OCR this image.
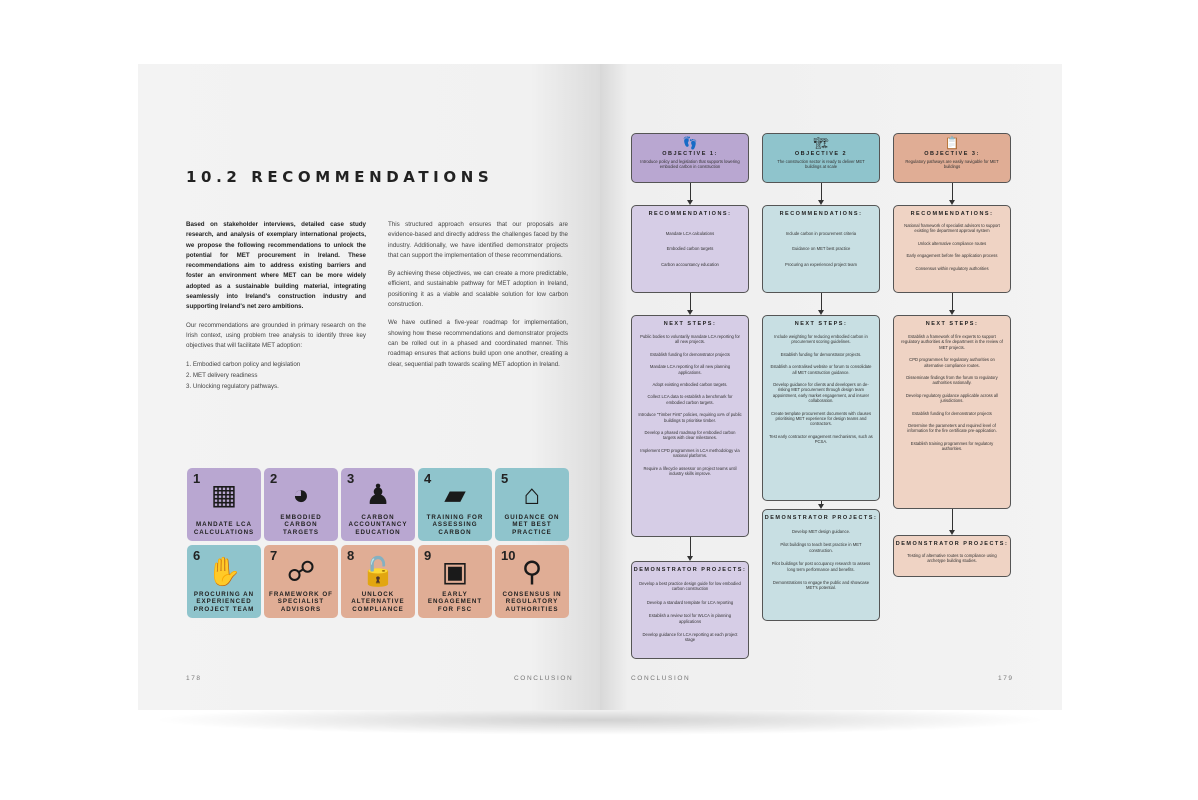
10.2 RECOMMENDATIONS

Based on stakeholder interviews, detailed case study research, and analysis of exemplary international projects, we propose the following recommendations to unlock the potential for MET procurement in Ireland. These recommendations aim to address existing barriers and foster an environment where MET can be more widely adopted as a sustainable building material, integrating seamlessly into Ireland's construction industry and supporting Ireland's net zero ambitions.

Our recommendations are grounded in primary research on the Irish context, using problem tree analysis to identify three key objectives that will facilitate MET adoption:

1. Embodied carbon policy and legislation
2. MET delivery readiness
3. Unlocking regulatory pathways.

This structured approach ensures that our proposals are evidence-based and directly address the challenges faced by the industry. Additionally, we have identified demonstrator projects that can support the implementation of these recommendations.

By achieving these objectives, we can create a more predictable, efficient, and sustainable pathway for MET adoption in Ireland, positioning it as a viable and scalable solution for low carbon construction.

We have outlined a five-year roadmap for implementation, showing how these recommendations and demonstrator projects can be rolled out in a phased and coordinated manner. This roadmap ensures that actions build upon one another, creating a clear, sequential path towards scaling MET adoption in Ireland.

1
▦
MANDATE LCA CALCULATIONS
2
◕
EMBODIED CARBON TARGETS
3
♟
CARBON ACCOUNTANCY EDUCATION
4
▰
TRAINING FOR ASSESSING CARBON
5
⌂
GUIDANCE ON MET BEST PRACTICE
6
✋
PROCURING AN EXPERIENCED PROJECT TEAM
7
☍
FRAMEWORK OF SPECIALIST ADVISORS
8
🔓
UNLOCK ALTERNATIVE COMPLIANCE
9
▣
EARLY ENGAGEMENT FOR FSC
10
⚲
CONSENSUS IN REGULATORY AUTHORITIES
178	CONCLUSION
👣
OBJECTIVE 1:
Introduce policy and legislation that supports lowering embodied carbon in construction
RECOMMENDATIONS:
Mandate LCA calculations
Embodied carbon targets
Carbon accountancy education
NEXT STEPS:
Public bodies to voluntarily mandate LCA reporting for all new projects.
Establish funding for demonstrator projects
Mandate LCA reporting for all new planning applications.
Adopt existing embodied carbon targets.
Collect LCA data to establish a benchmark for embodied carbon targets.
Introduce "Timber First" policies, requiring xx% of public buildings to prioritise timber.
Develop a phased roadmap for embodied carbon targets with clear milestones.
Implement CPD programmes in LCA methodology via national platforms.
Require a lifecycle assessor on project teams until industry skills improve.
DEMONSTRATOR PROJECTS:
Develop a best practice design guide for low embodied carbon construction
Develop a standard template for LCA reporting
Establish a review tool for WLCA in planning applications
Develop guidance for LCA reporting at each project stage
🏗
OBJECTIVE 2
The construction sector is ready to deliver MET buildings at scale
RECOMMENDATIONS:
Include carbon in procurement criteria
Guidance on MET best practice
Procuring an experienced project team
NEXT STEPS:
Include weighting for reducing embodied carbon in procurement scoring guidelines.
Establish funding for demonstrator projects.
Establish a centralised website or forum to consolidate all MET construction guidance.
Develop guidance for clients and developers on de-risking MET procurement through design team appointment, early market engagement, and insurer collaboration.
Create template procurement documents with clauses prioritising MET experience for design teams and contractors.
Test early contractor engagement mechanisms, such as PCSA.
DEMONSTRATOR PROJECTS:
Develop MET design guidance.
Pilot buildings to teach best practice in MET construction.
Pilot buildings for post occupancy research to assess long term performance and benefits.
Demonstrations to engage the public and showcase MET's potential.
📋
OBJECTIVE 3:
Regulatory pathways are easily navigable for MET buildings
RECOMMENDATIONS:
National framework of specialist advisors to support existing fire department approval system
Unlock alternative compliance routes
Early engagement before fire application process
Consensus within regulatory authorities
NEXT STEPS:
Establish a framework of fire experts to support regulatory authorities & fire department in the review of MET projects.
CPD programmes for regulatory authorities on alternative compliance routes.
Disseminate findings from the forum to regulatory authorities nationally.
Develop regulatory guidance applicable across all jurisdictions.
Establish funding for demonstrator projects
Determine the parameters and required level of information for the fire certificate pre-application.
Establish training programmes for regulatory authorities.
DEMONSTRATOR PROJECTS:
Testing of alternative routes to compliance using archetype building studies.
CONCLUSION	179
